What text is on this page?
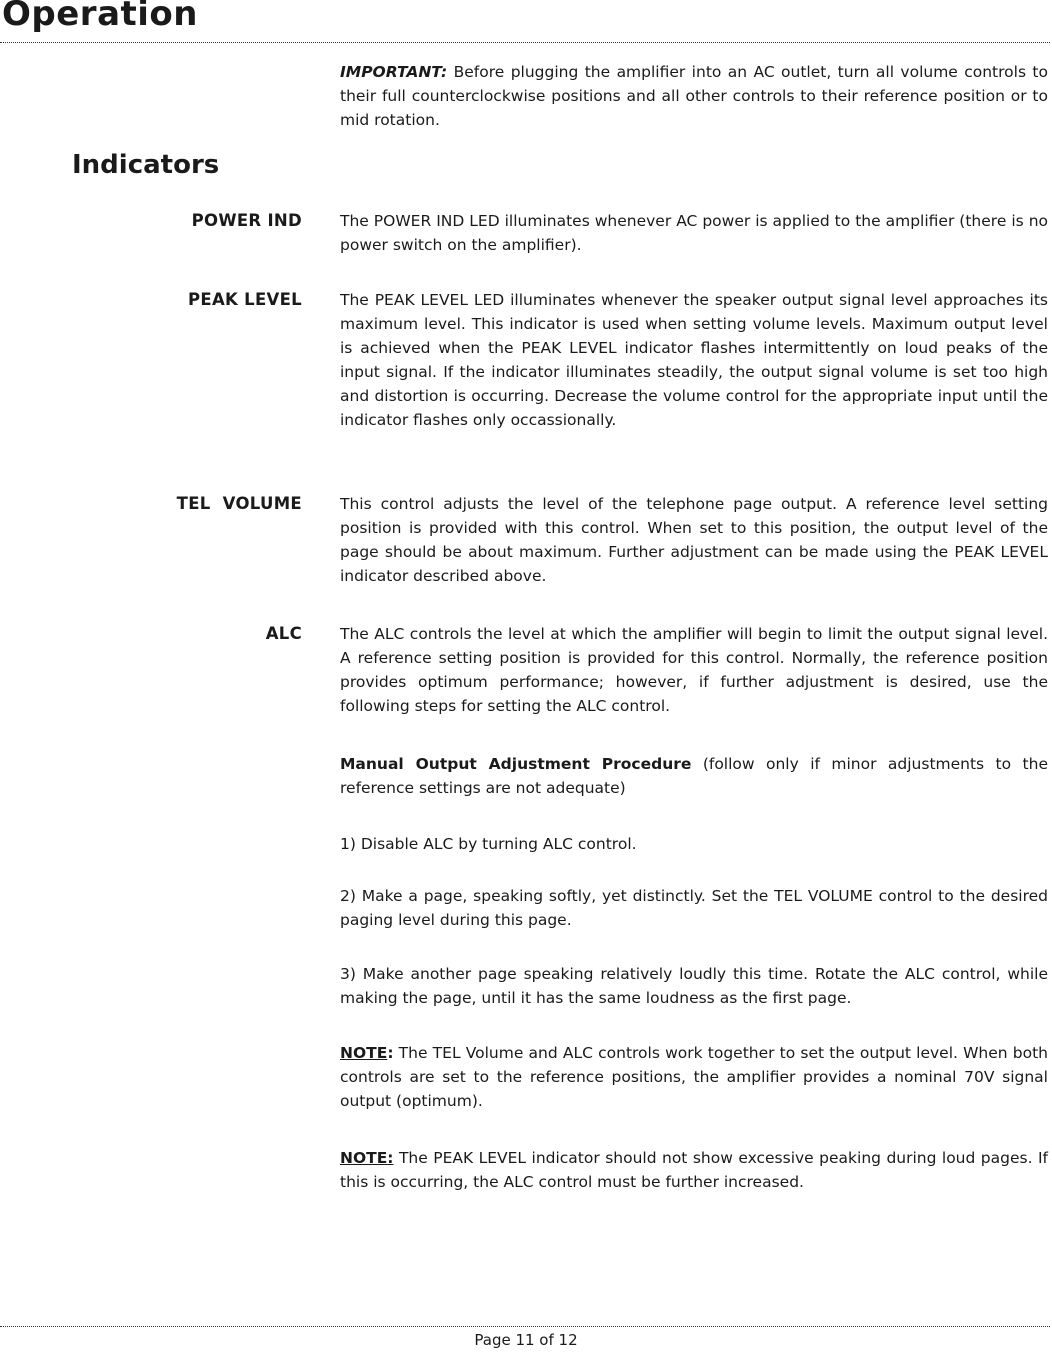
Operation

IMPORTANT: Before plugging the amplifier into an AC outlet, turn all volume controls to their full counterclockwise positions and all other controls to their reference position or to mid rotation.

Indicators
POWER IND The POWER IND LED illuminates whenever AC power is applied to the amplifier (there is no power switch on the amplifier).

PEAK LEVEL The PEAK LEVEL LED illuminates whenever the speaker output signal level approaches its maximum level. This indicator is used when setting volume levels. Maximum output level is achieved when the PEAK LEVEL indicator flashes intermittently on loud peaks of the input signal. If the indicator illuminates steadily, the output signal volume is set too high and distortion is occurring. Decrease the volume control for the appropriate input until the indicator flashes only occassionally.

TEL  VOLUME This control adjusts the level of the telephone page output. A reference level setting position is provided with this control. When set to this position, the output level of the page should be about maximum. Further adjustment can be made using the PEAK LEVEL indicator described above.

ALC The ALC controls the level at which the amplifier will begin to limit the output signal level. A reference setting position is provided for this control. Normally, the reference position provides optimum performance; however, if further adjustment is desired, use the following steps for setting the ALC control.

Manual Output Adjustment Procedure (follow only if minor adjustments to the reference settings are not adequate)

1) Disable ALC by turning ALC control.

2) Make a page, speaking softly, yet distinctly. Set the TEL VOLUME control to the desired paging level during this page.

3) Make another page speaking relatively loudly this time. Rotate the ALC control, while making the page, until it has the same loudness as the first page.

NOTE: The TEL Volume and ALC controls work together to set the output level. When both controls are set to the reference positions, the amplifier provides a nominal 70V signal output (optimum).

NOTE: The PEAK LEVEL indicator should not show excessive peaking during loud pages. If this is occurring, the ALC control must be further increased.

Page 11 of 12
